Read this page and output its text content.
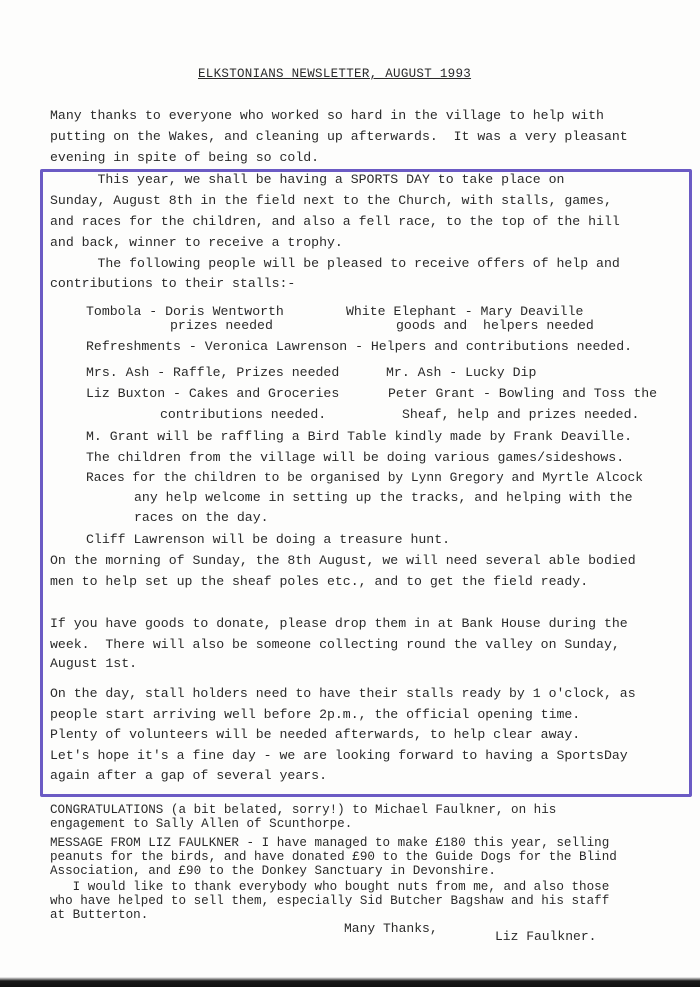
ELKSTONIANS NEWSLETTER, AUGUST 1993
Many thanks to everyone who worked so hard in the village to help with
putting on the Wakes, and cleaning up afterwards.  It was a very pleasant
evening in spite of being so cold.
This year, we shall be having a SPORTS DAY to take place on
Sunday, August 8th in the field next to the Church, with stalls, games,
and races for the children, and also a fell race, to the top of the hill
and back, winner to receive a trophy.
The following people will be pleased to receive offers of help and
contributions to their stalls:-
Tombola - Doris Wentworth
prizes needed
White Elephant - Mary Deaville
goods and  helpers needed
Refreshments - Veronica Lawrenson - Helpers and contributions needed.
Mrs. Ash - Raffle, Prizes needed	Mr. Ash - Lucky Dip
Liz Buxton - Cakes and Groceries
contributions needed.
Peter Grant - Bowling and Toss the
Sheaf, help and prizes needed.
M. Grant will be raffling a Bird Table kindly made by Frank Deaville.
The children from the village will be doing various games/sideshows.
Races for the children to be organised by Lynn Gregory and Myrtle Alcock
any help welcome in setting up the tracks, and helping with the
races on the day.
Cliff Lawrenson will be doing a treasure hunt.
On the morning of Sunday, the 8th August, we will need several able bodied
men to help set up the sheaf poles etc., and to get the field ready.
If you have goods to donate, please drop them in at Bank House during the
week.  There will also be someone collecting round the valley on Sunday,
August 1st.
On the day, stall holders need to have their stalls ready by 1 o'clock, as
people start arriving well before 2p.m., the official opening time.
Plenty of volunteers will be needed afterwards, to help clear away.
Let's hope it's a fine day - we are looking forward to having a SportsDay
again after a gap of several years.
CONGRATULATIONS (a bit belated, sorry!) to Michael Faulkner, on his
engagement to Sally Allen of Scunthorpe.
MESSAGE FROM LIZ FAULKNER - I have managed to make £180 this year, selling
peanuts for the birds, and have donated £90 to the Guide Dogs for the Blind
Association, and £90 to the Donkey Sanctuary in Devonshire.
I would like to thank everybody who bought nuts from me, and also those
who have helped to sell them, especially Sid Butcher Bagshaw and his staff
at Butterton.
Many Thanks,
Liz Faulkner.
